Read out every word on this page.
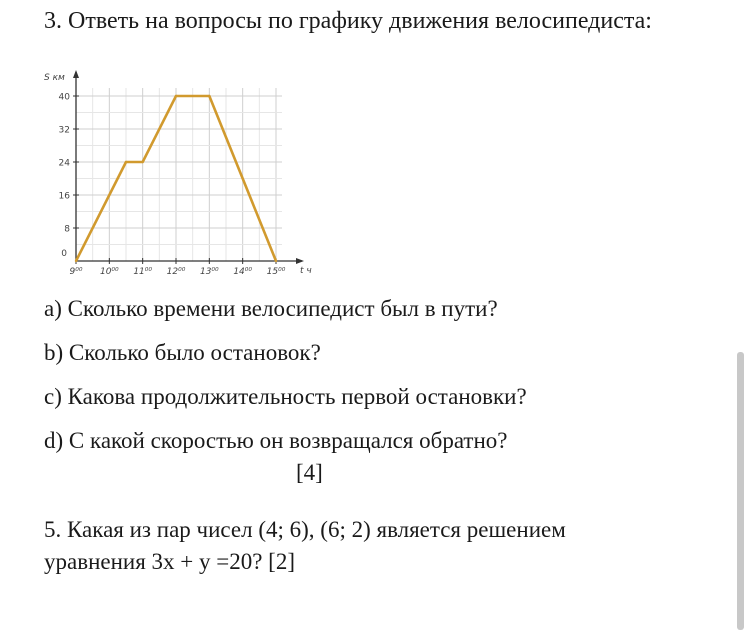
3. Ответь на вопросы по графику движения велосипедиста:
8
16
24
32
40
9⁰⁰ 10⁰⁰ 11⁰⁰ 12⁰⁰ 13⁰⁰ 14⁰⁰ 15⁰⁰
0
S км
t ч
a) Сколько времени велосипедист был в пути?
b) Сколько было остановок?
c) Какова продолжительность первой остановки?
d) С какой скоростью он возвращался обратно?
[4]
5. Какая из пар чисел (4; 6), (6; 2) является решением
уравнения 3х + у =20? [2]
